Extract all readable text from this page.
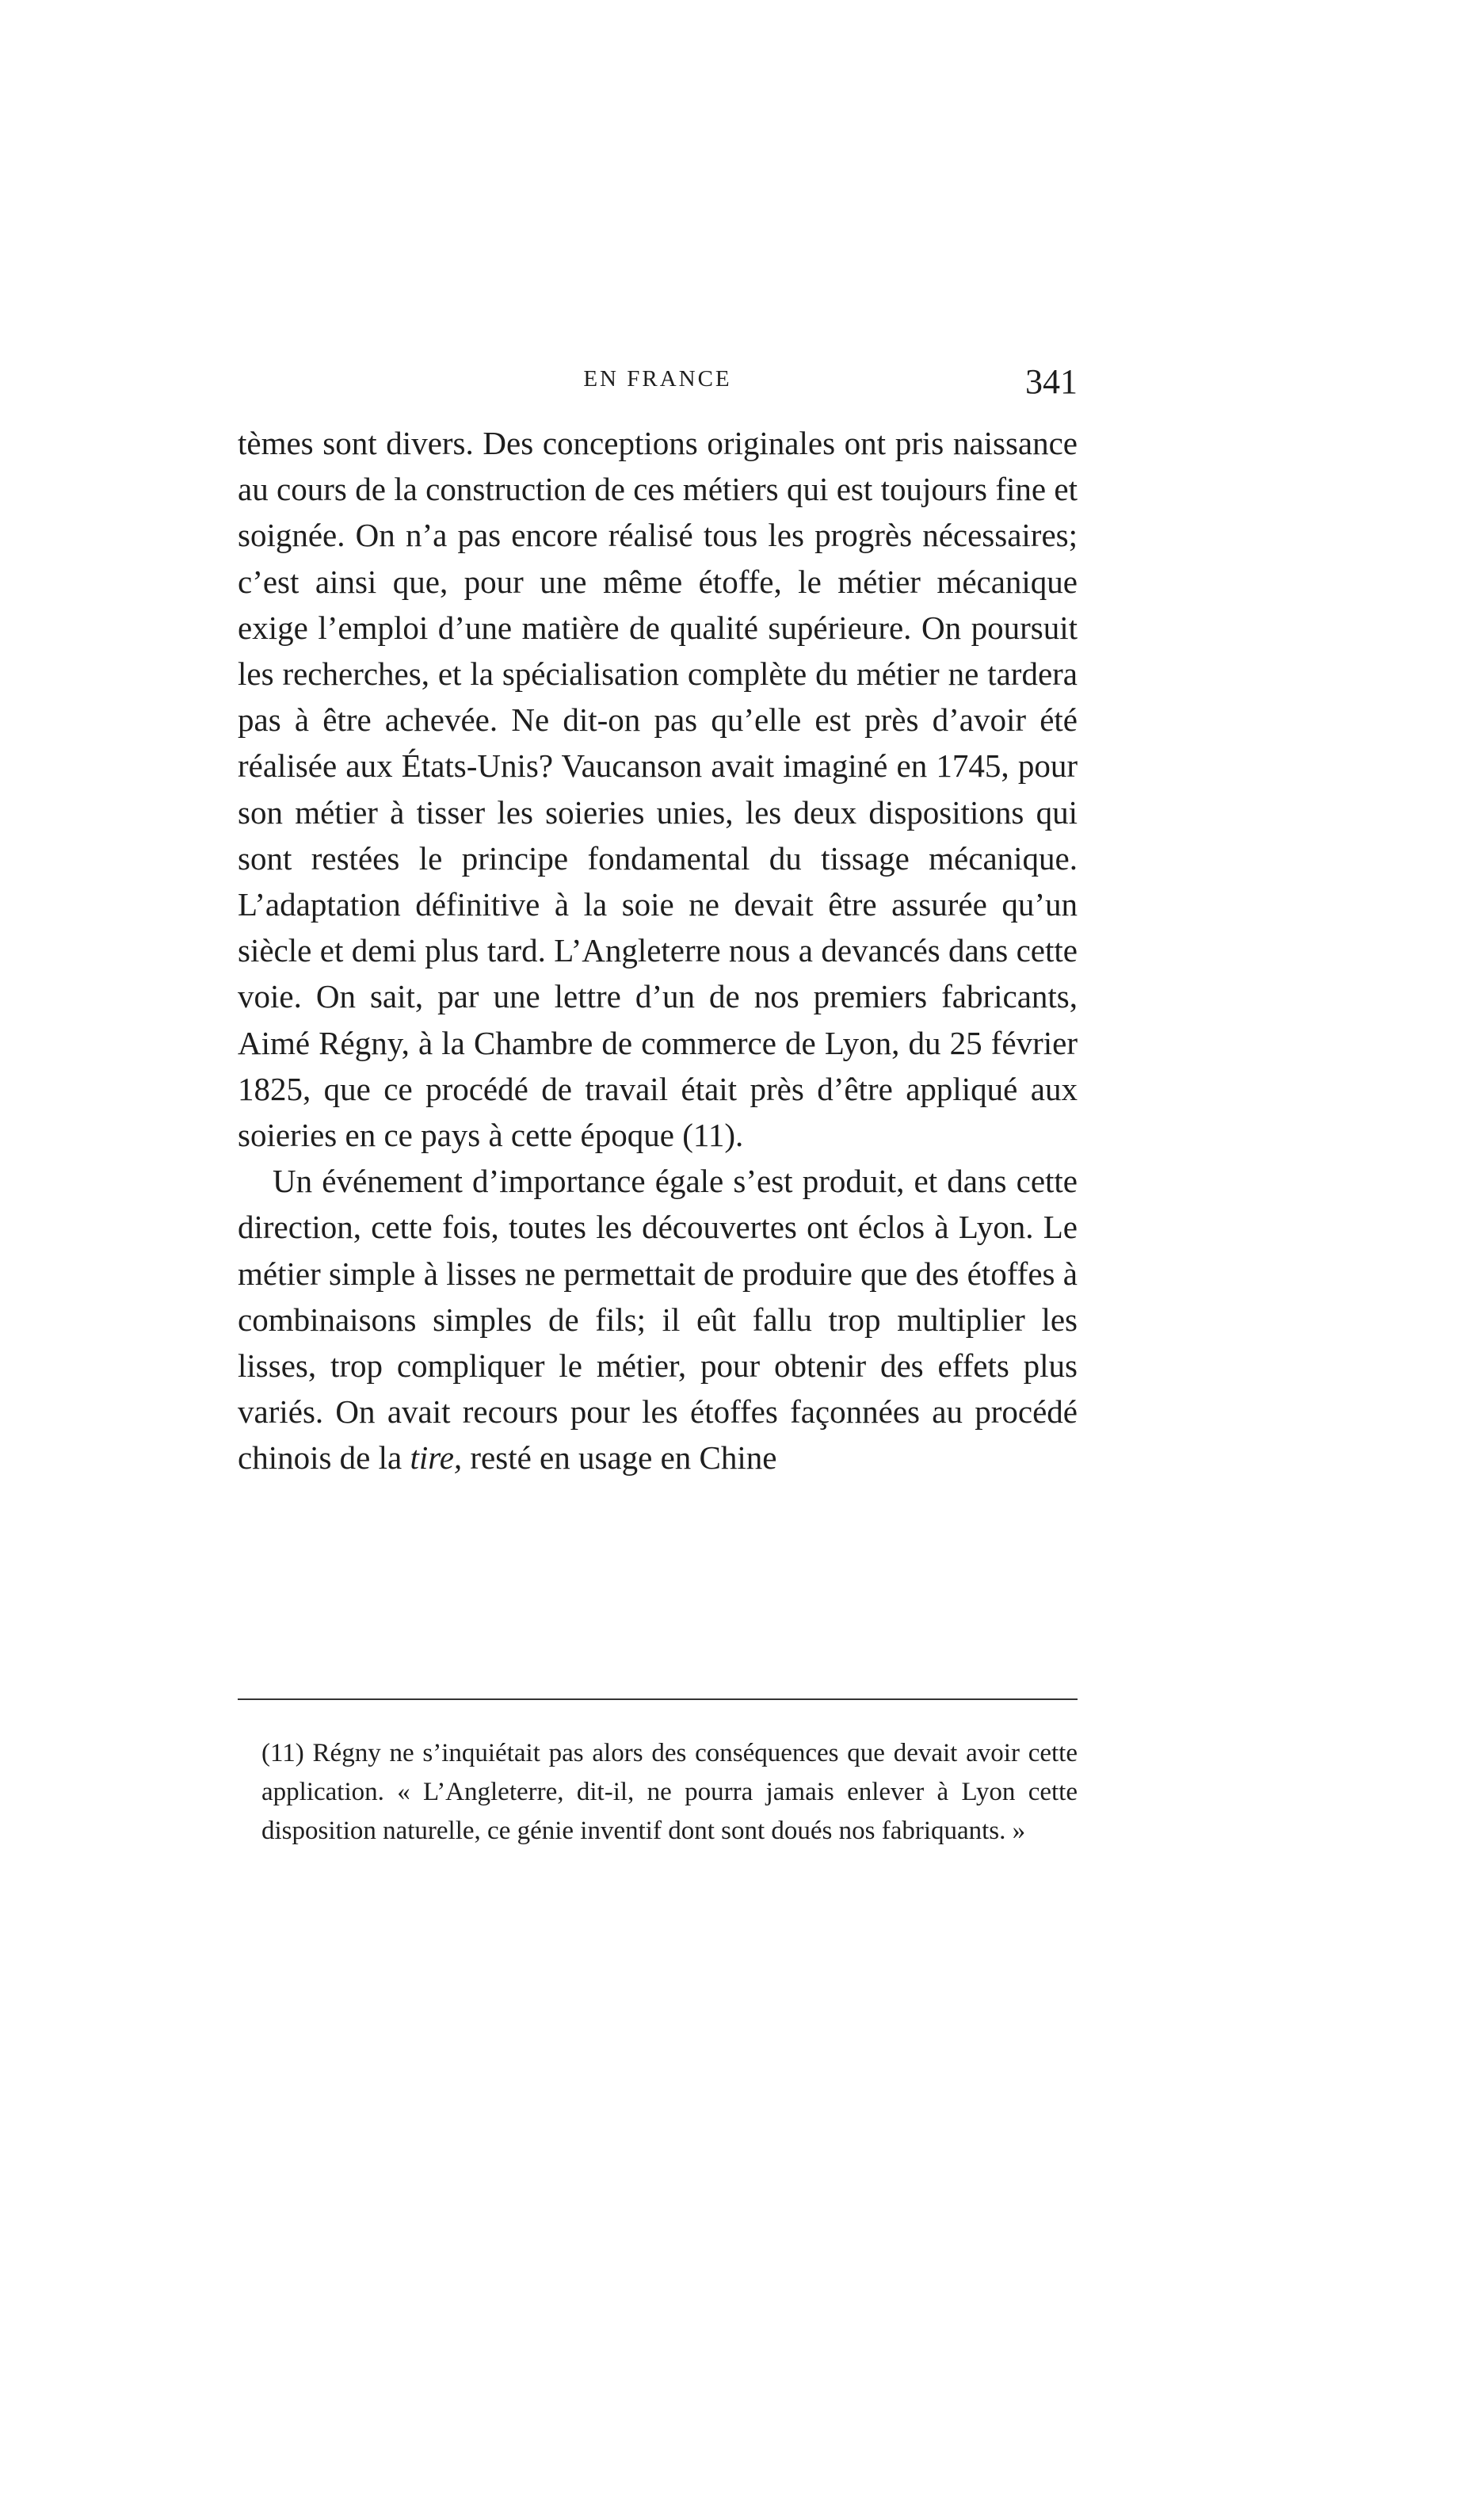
EN FRANCE	341

tèmes sont divers. Des conceptions originales ont pris naissance au cours de la construction de ces métiers qui est toujours fine et soignée. On n’a pas encore réalisé tous les progrès nécessaires; c’est ainsi que, pour une même étoffe, le métier mécanique exige l’emploi d’une matière de qualité supérieure. On poursuit les recherches, et la spécialisation complète du métier ne tardera pas à être achevée. Ne dit-on pas qu’elle est près d’avoir été réalisée aux États-Unis? Vaucanson avait imaginé en 1745, pour son métier à tisser les soieries unies, les deux dispositions qui sont restées le principe fondamental du tissage mécanique. L’adaptation définitive à la soie ne devait être assurée qu’un siècle et demi plus tard. L’Angleterre nous a devancés dans cette voie. On sait, par une lettre d’un de nos premiers fabricants, Aimé Régny, à la Chambre de commerce de Lyon, du 25 février 1825, que ce procédé de travail était près d’être appliqué aux soieries en ce pays à cette époque (11).

Un événement d’importance égale s’est produit, et dans cette direction, cette fois, toutes les découvertes ont éclos à Lyon. Le métier simple à lisses ne permettait de produire que des étoffes à combinaisons simples de fils; il eût fallu trop multiplier les lisses, trop compliquer le métier, pour obtenir des effets plus variés. On avait recours pour les étoffes façonnées au procédé chinois de la tire, resté en usage en Chine

(11) Régny ne s’inquiétait pas alors des conséquences que devait avoir cette application. « L’Angleterre, dit-il, ne pourra jamais enlever à Lyon cette disposition naturelle, ce génie inventif dont sont doués nos fabriquants. »
